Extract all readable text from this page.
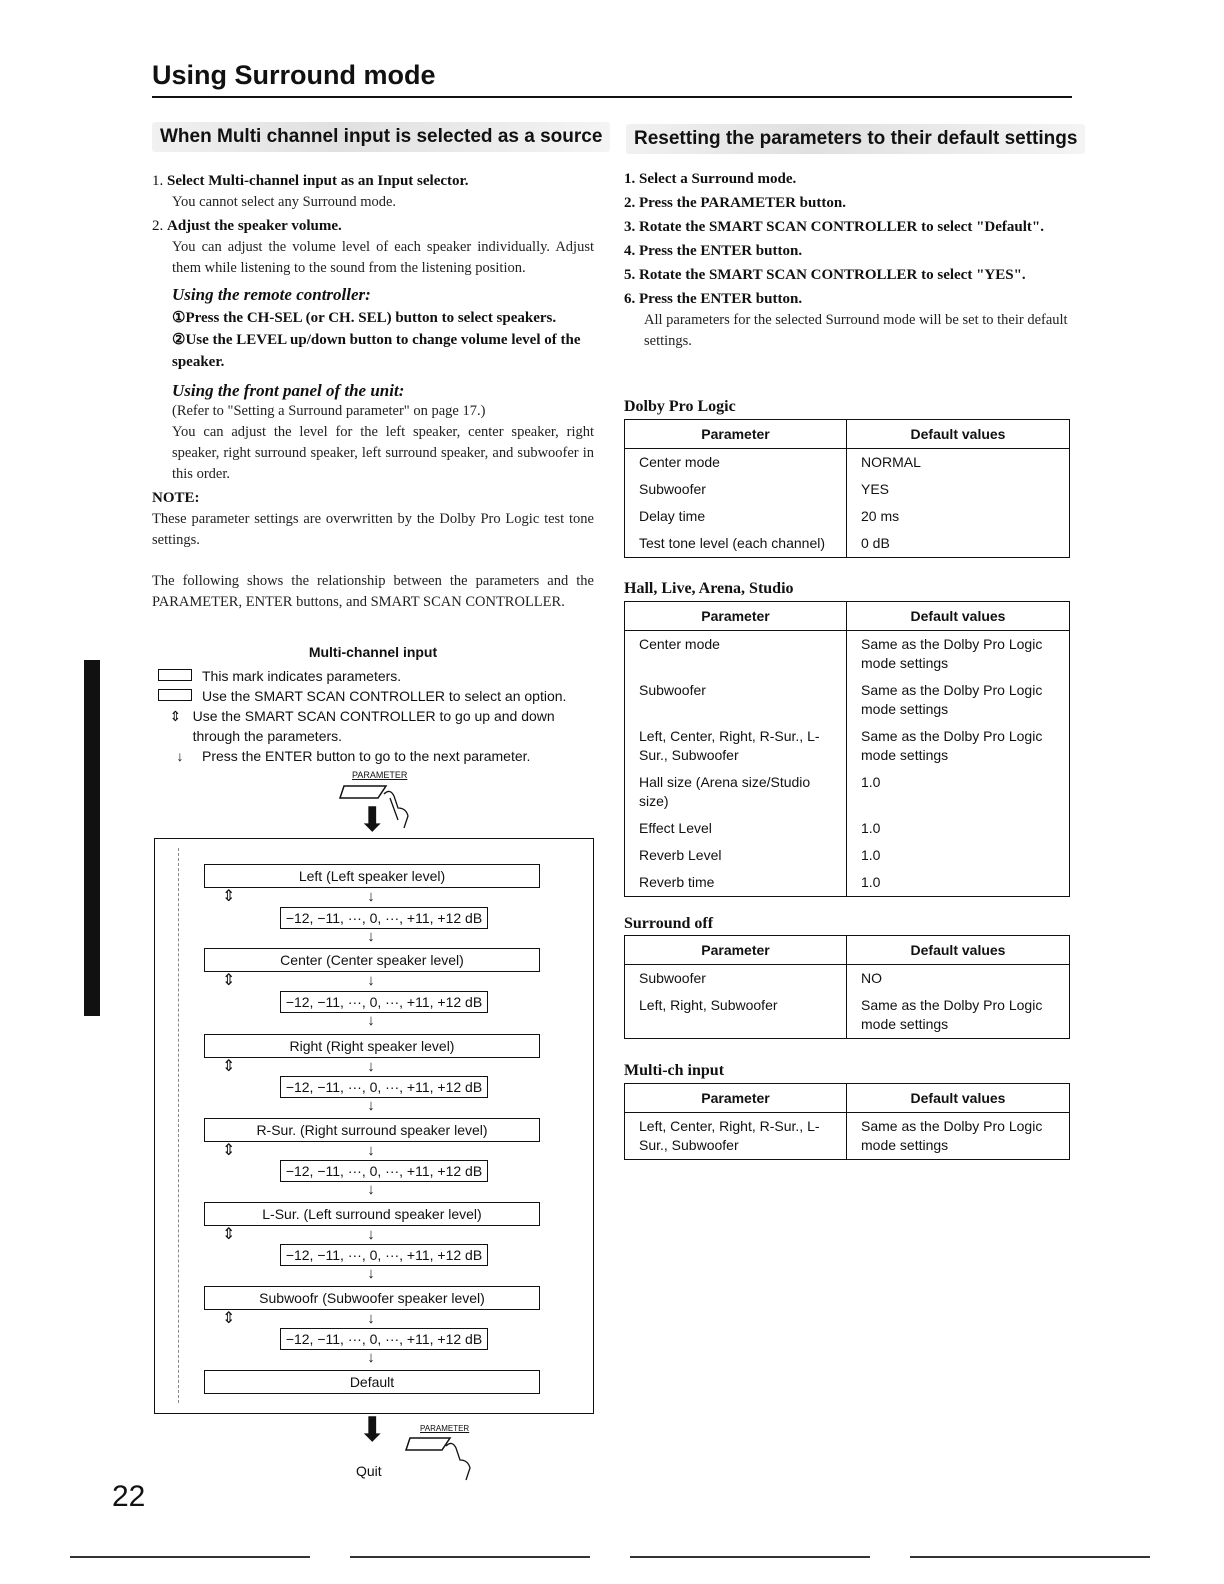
Using Surround mode
When Multi channel input is selected as a source
1. Select Multi-channel input as an Input selector.
You cannot select any Surround mode.
2. Adjust the speaker volume.
You can adjust the volume level of each speaker individually. Adjust them while listening to the sound from the listening position.
Using the remote controller:
①Press the CH-SEL (or CH. SEL) button to select speakers.
②Use the LEVEL up/down button to change volume level of the speaker.
Using the front panel of the unit:
(Refer to "Setting a Surround parameter" on page 17.)
You can adjust the level for the left speaker, center speaker, right speaker, right surround speaker, left surround speaker, and subwoofer in this order.
NOTE:
These parameter settings are overwritten by the Dolby Pro Logic test tone settings.
The following shows the relationship between the parameters and the PARAMETER, ENTER buttons, and SMART SCAN CONTROLLER.
Multi-channel input
This mark indicates parameters.
Use the SMART SCAN CONTROLLER to select an option.
⇕ Use the SMART SCAN CONTROLLER to go up and down through the parameters.
↓	Press the ENTER button to go to the next parameter.
PARAMETER
⬇
Left (Left speaker level)
↓
−12, −11, ···, 0, ···, +11, +12 dB
↓
Center (Center speaker level)
↓
−12, −11, ···, 0, ···, +11, +12 dB
↓
Right (Right speaker level)
↓
−12, −11, ···, 0, ···, +11, +12 dB
↓
R-Sur. (Right surround speaker level)
↓
−12, −11, ···, 0, ···, +11, +12 dB
↓
L-Sur. (Left surround speaker level)
↓
−12, −11, ···, 0, ···, +11, +12 dB
↓
Subwoofr (Subwoofer speaker level)
↓
−12, −11, ···, 0, ···, +11, +12 dB
↓
Default
⇕
⇕
⇕
⇕
⇕
⇕
⬇
Quit
PARAMETER
22
Resetting the parameters to their default settings
1. Select a Surround mode.
2. Press the PARAMETER button.
3. Rotate the SMART SCAN CONTROLLER to select "Default".
4. Press the ENTER button.
5. Rotate the SMART SCAN CONTROLLER to select "YES".
6. Press the ENTER button.
All parameters for the selected Surround mode will be set to their default settings.
Dolby Pro Logic
Parameter	Default values
Center mode	NORMAL
Subwoofer	YES
Delay time	20 ms
Test tone level (each channel)	0 dB
Hall, Live, Arena, Studio
Parameter	Default values
Center mode	Same as the Dolby Pro Logic mode settings
Subwoofer	Same as the Dolby Pro Logic mode settings
Left, Center, Right, R-Sur., L-Sur., Subwoofer	Same as the Dolby Pro Logic mode settings
Hall size (Arena size/Studio size)	1.0
Effect Level	1.0
Reverb Level	1.0
Reverb time	1.0
Surround off
Parameter	Default values
Subwoofer	NO
Left, Right, Subwoofer	Same as the Dolby Pro Logic mode settings
Multi-ch input
Parameter	Default values
Left, Center, Right, R-Sur., L-Sur., Subwoofer	Same as the Dolby Pro Logic mode settings
